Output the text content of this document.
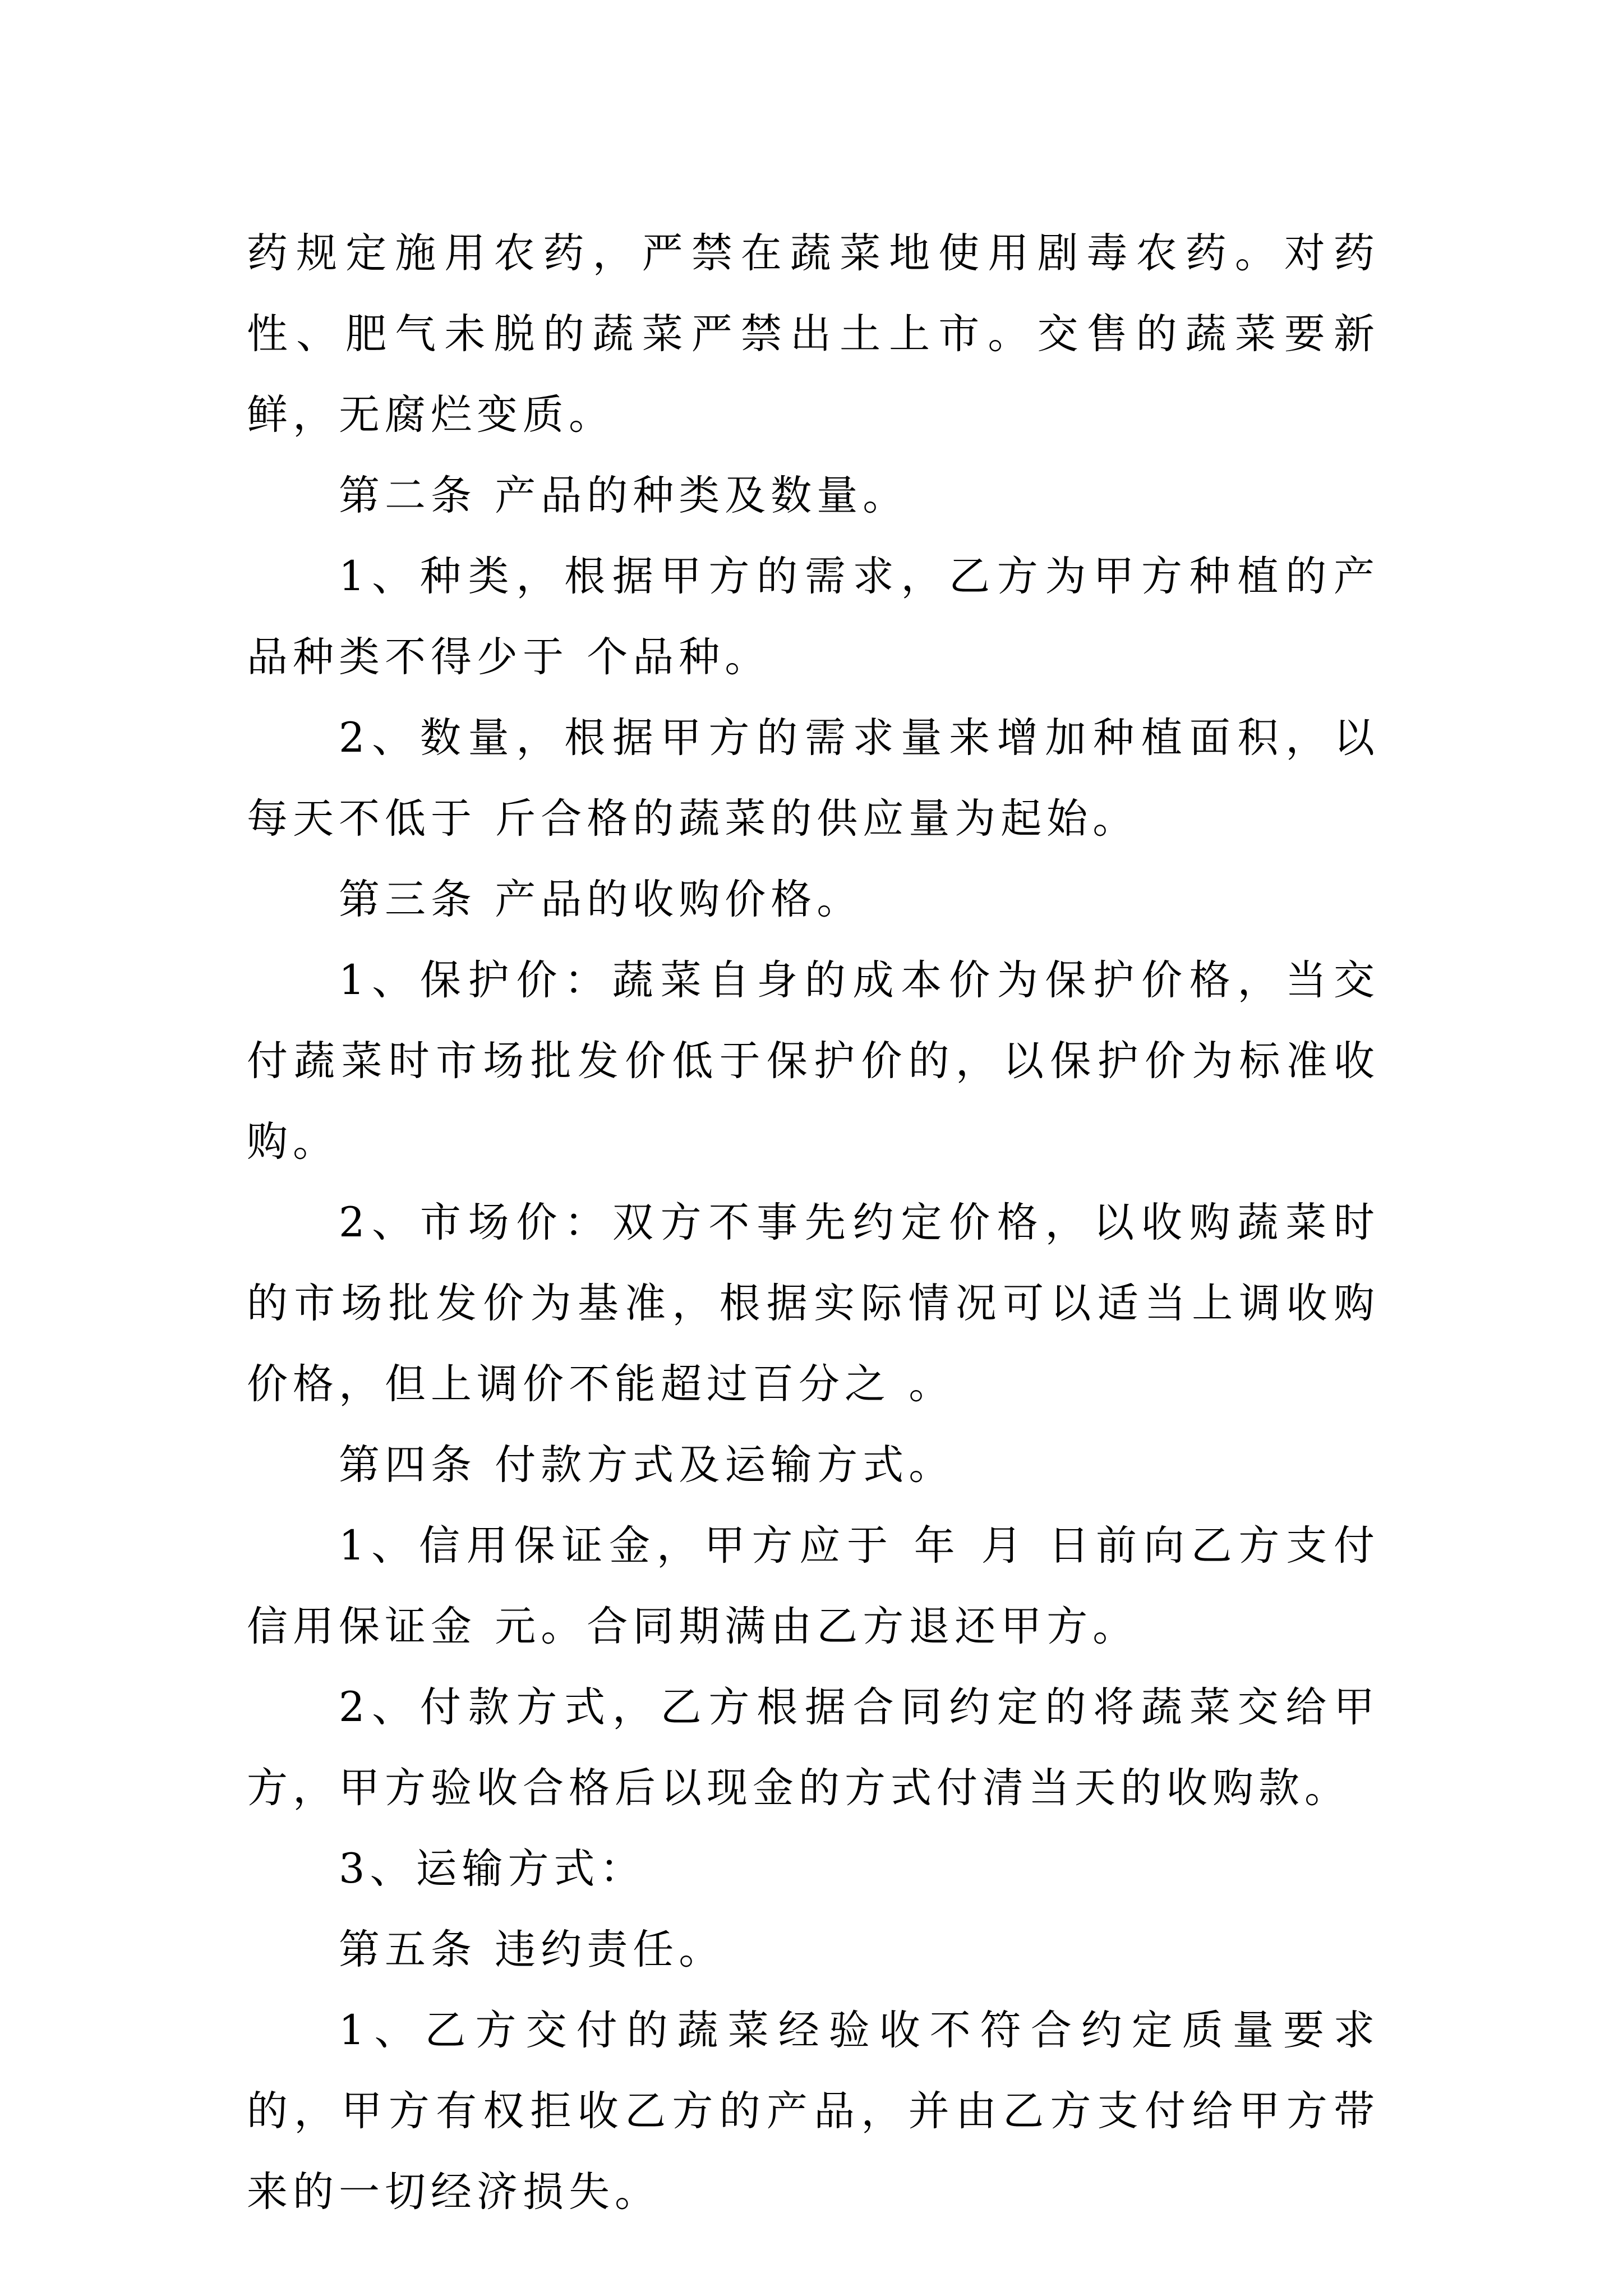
药规定施用农药，严禁在蔬菜地使用剧毒农药。对药性、肥气未脱的蔬菜严禁出土上市。交售的蔬菜要新鲜，无腐烂变质。

第二条 产品的种类及数量。

1、种类，根据甲方的需求，乙方为甲方种植的产品种类不得少于 个品种。

2、数量，根据甲方的需求量来增加种植面积，以每天不低于 斤合格的蔬菜的供应量为起始。

第三条 产品的收购价格。

1、保护价：蔬菜自身的成本价为保护价格，当交付蔬菜时市场批发价低于保护价的，以保护价为标准收购。

2、市场价：双方不事先约定价格，以收购蔬菜时的市场批发价为基准，根据实际情况可以适当上调收购价格，但上调价不能超过百分之 。

第四条 付款方式及运输方式。

1、信用保证金，甲方应于 年 月 日前向乙方支付信用保证金 元。合同期满由乙方退还甲方。

2、付款方式，乙方根据合同约定的将蔬菜交给甲方，甲方验收合格后以现金的方式付清当天的收购款。

3、运输方式：

第五条 违约责任。

1、乙方交付的蔬菜经验收不符合约定质量要求的，甲方有权拒收乙方的产品，并由乙方支付给甲方带来的一切经济损失。
